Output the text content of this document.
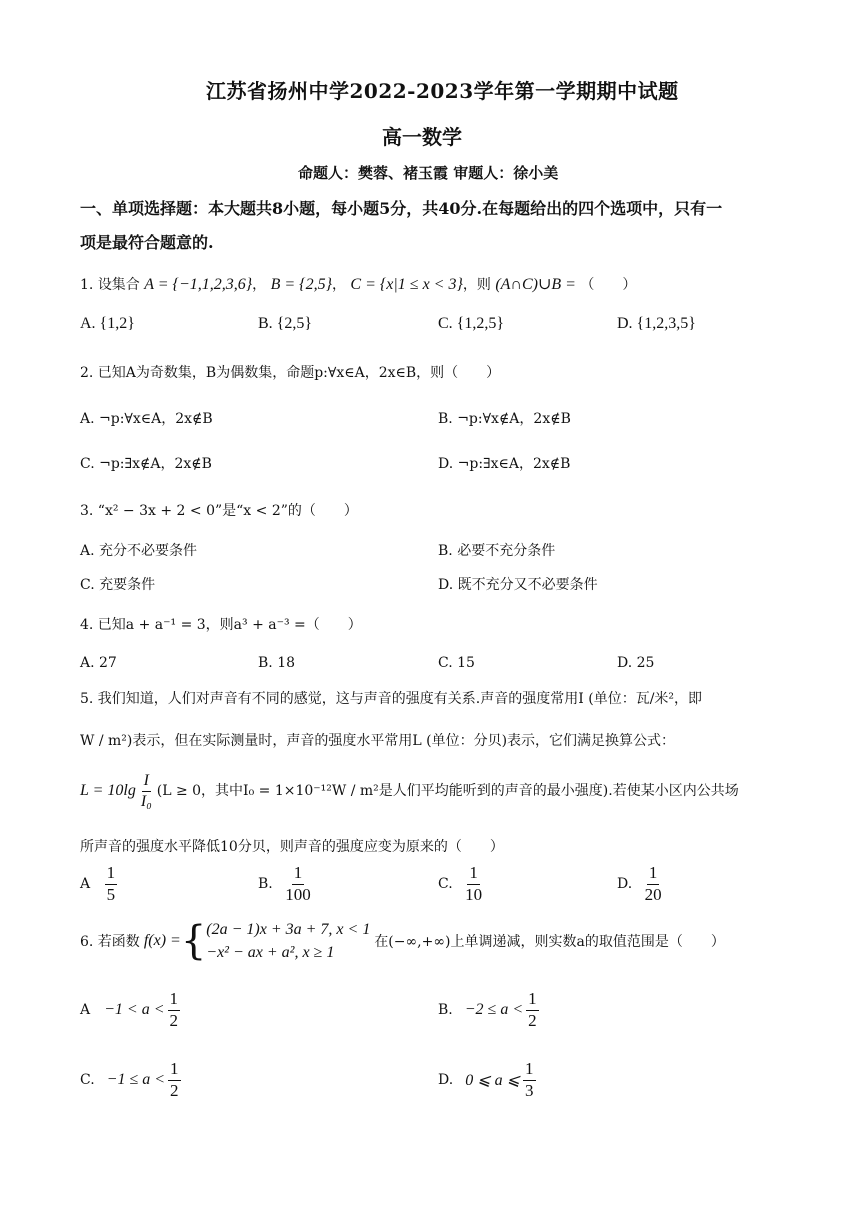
江苏省扬州中学2022-2023学年第一学期期中试题
高一数学
命题人：樊蓉、褚玉霞 审题人：徐小美
一、单项选择题：本大题共8小题，每小题5分，共40分.在每题给出的四个选项中，只有一
项是最符合题意的.
1. 设集合 A = {−1,1,2,3,6}， B = {2,5}， C = {x|1 ≤ x < 3}，则 (A∩C)∪B = （　　）
A. {1,2}	B. {2,5}	C. {1,2,5}	D. {1,2,3,5}
2. 已知A为奇数集，B为偶数集，命题p:∀x∈A，2x∈B，则（　　）
A. ¬p:∀x∈A，2x∉B	B. ¬p:∀x∉A，2x∉B
C. ¬p:∃x∉A，2x∉B	D. ¬p:∃x∈A，2x∉B
3. “x² − 3x + 2 < 0”是“x < 2”的（　　）
A. 充分不必要条件	B. 必要不充分条件
C. 充要条件	D. 既不充分又不必要条件
4. 已知a + a⁻¹ = 3，则a³ + a⁻³ =（　　）
A. 27	B. 18	C. 15	D. 25
5. 我们知道，人们对声音有不同的感觉，这与声音的强度有关系.声音的强度常用I (单位：瓦/米²，即
W / m²)表示，但在实际测量时，声音的强度水平常用L (单位：分贝)表示，它们满足换算公式：
$L = 10\lg \frac{I}{\text{I₀}} (L \ge 0$，其中I₀ = 1×10⁻¹²W / m²是人们平均能听到的声音的最小强度).若使某小区内公共场
所声音的强度水平降低10分贝，则声音的强度应变为原来的（　　）
A $\frac{1}{5}$	B. $\frac{1}{100}$	C. $\frac{1}{10}$	D. $\frac{1}{20}$
6. 若函数 f(x) = { (2a − 1)x + 3a + 7, x < 1
−x² − ax + a², x ≥ 1
在(−∞,+∞)上单调递减，则实数a的取值范围是（　　）
$A -1 < a < \frac{1}{2}$	B. $-2 \le a < \frac{1}{2}$
C. $-1 \le a < \frac{1}{2}$	D. 0 ⩽ a ⩽ $\frac{1}{3}$
